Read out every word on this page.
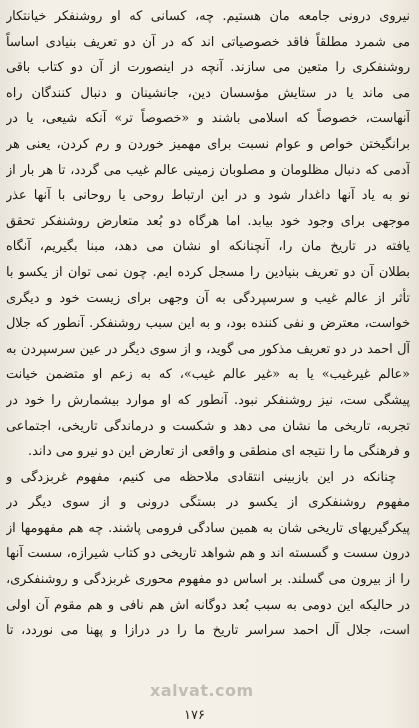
نیروی درونی جامعه مان هستیم. چه، کسانی که او روشنفکر خیانتکار
می شمرد مطلقاً فاقد خصوصیاتی اند که در آن دو تعریف بنیادی اساساً
روشنفکری را متعین می سازند. آنچه در اینصورت از آن دو کتاب باقی
می ماند یا در ستایش مؤسسان دین، جانشینان و دنبال کنندگان راه
آنهاست، خصوصاً که اسلامی باشند و «خصوصاً تر» آنکه شیعی، یا در
برانگیختن خواص و عوام نسبت برای مهمیز خوردن و رم کردن، یعنی هر
آدمی که دنبال مظلومان و مصلوبان زمینی عالم غیب می گردد، تا هر بار از
نو به یاد آنها داغدار شود و در این ارتباط روحی یا روحانی با آنها عذر
موجهی برای وجود خود بیابد. اما هرگاه دو بُعد متعارض روشنفکر تحقق
یافته در تاریخ مان را، آنچنانکه او نشان می دهد، مبنا بگیریم، آنگاه
بطلان آن دو تعریف بنیادین را مسجل کرده ایم. چون نمی توان از یکسو با
تأثر از عالم غیب و سرسپردگی به آن وجهی برای زیست خود و دیگری
خواست، معترض و نفی کننده بود، و به این سبب روشنفکر. آنطور که جلال
آل احمد در دو تعریف مذکور می گوید، و از سوی دیگر در عین سرسپردن به
«عالم غیرغیب» یا به «غیر عالم غیب»، که به زعم او متضمن خیانت
پیشگی ست، نیز روشنفکر نبود. آنطور که او موارد بیشمارش را خود در
تجربه، تاریخی ما نشان می دهد و شکست و درماندگی تاریخی، اجتماعی
و فرهنگی ما را نتیجه ای منطقی و واقعی از تعارض این دو نیرو می داند.
چنانکه در این بازبینی انتقادی ملاحظه می کنیم، مفهوم غربزدگی و
مفهوم روشنفکری از یکسو در بستگی درونی و از سوی دیگر در
پیکرگیریهای تاریخی شان به همین سادگی فرومی پاشند. چه هم مفهومها از
درون سست و گسسته اند و هم شواهد تاریخی دو کتاب شیرازه، سست آنها
را از بیرون می گسلند. بر اساس دو مفهوم محوری غربزدگی و روشنفکری،
در حالیکه این دومی به سبب بُعد دوگانه اش هم نافی و هم مقوم آن اولی
است، جلال آل احمد سراسر تاریخ ما را در درازا و پهنا می نوردد، تا
xalvat.com
۱۷۶
